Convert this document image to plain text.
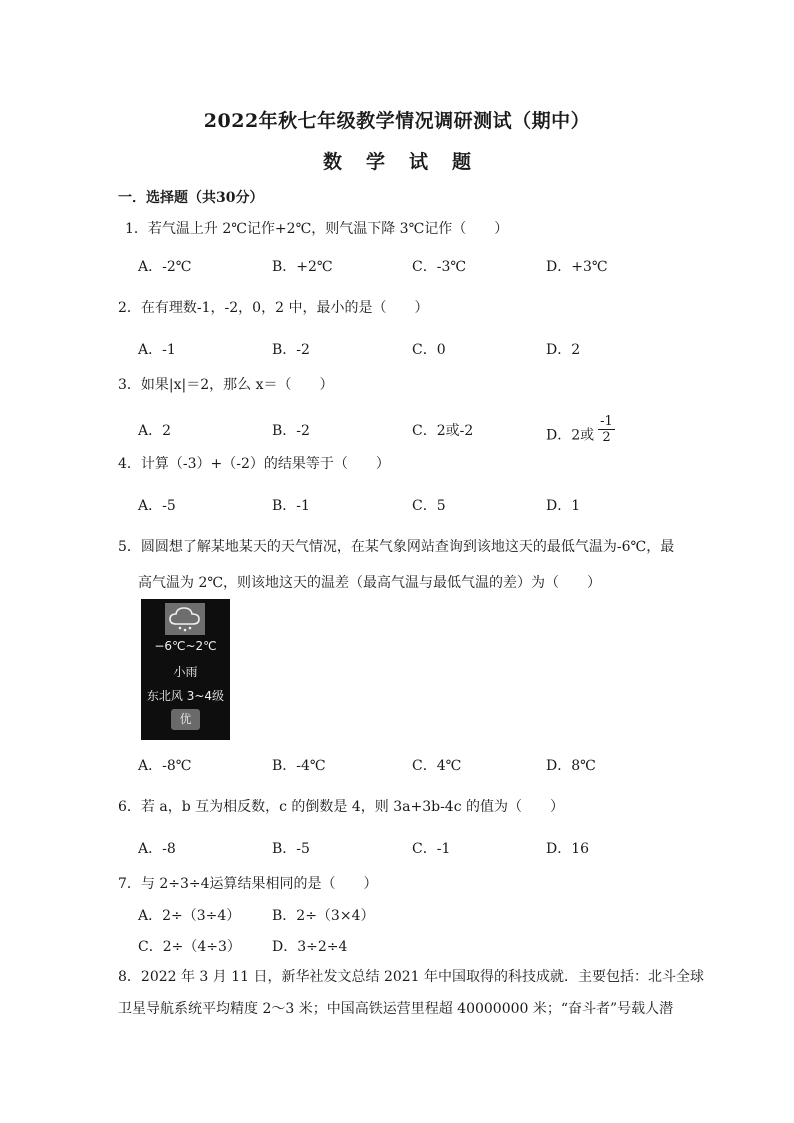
2022年秋七年级教学情况调研测试（期中）
数 学 试 题
一．选择题（共30分）
1．若气温上升 2℃记作+2℃，则气温下降 3℃记作（　　）
A．-2℃	B．+2℃	C．-3℃	D．+3℃
2．在有理数-1，-2，0，2 中，最小的是（　　）
A．-1	B．-2	C．0	D．2
3．如果|x|＝2，那么 x＝（　　）
A．2	B．-2	C．2或-2	D．2或 $\frac{-1}{2}$
4．计算（-3）+（-2）的结果等于（　　）
A．-5	B．-1	C．5	D．1
5．圆圆想了解某地某天的天气情况，在某气象网站查询到该地这天的最低气温为-6℃，最
高气温为 2℃，则该地这天的温差（最高气温与最低气温的差）为（　　）
−6℃~2℃
小雨
东北风 3~4级
优
A．-8℃	B．-4℃	C．4℃	D．8℃
6．若 a，b 互为相反数，c 的倒数是 4，则 3a+3b-4c 的值为（　　）
A．-8	B．-5	C．-1	D．16
7．与 2÷3÷4运算结果相同的是（　　）
A．2÷（3÷4） B．2÷（3×4）
C．2÷（4÷3） D．3÷2÷4
8．2022 年 3 月 11 日，新华社发文总结 2021 年中国取得的科技成就．主要包括：北斗全球
卫星导航系统平均精度 2～3 米；中国高铁运营里程超 40000000 米；“奋斗者”号载人潜
